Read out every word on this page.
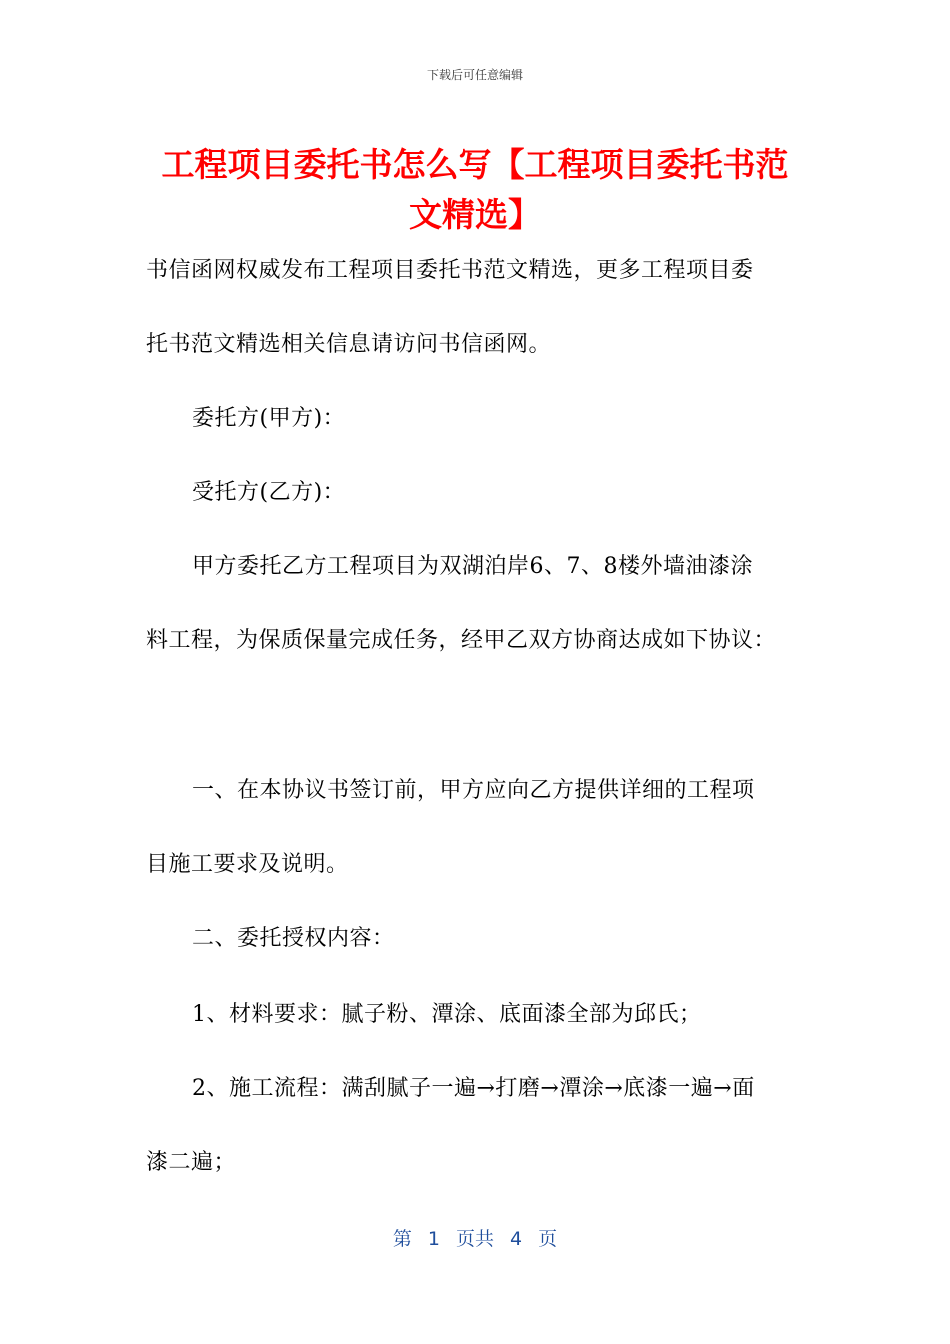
下载后可任意编辑
工程项目委托书怎么写【工程项目委托书范
文精选】

书信函网权威发布工程项目委托书范文精选，更多工程项目委

托书范文精选相关信息请访问书信函网。

委托方(甲方)：

受托方(乙方)：

甲方委托乙方工程项目为双湖泊岸6、7、8楼外墙油漆涂

料工程，为保质保量完成任务，经甲乙双方协商达成如下协议：

一、在本协议书签订前，甲方应向乙方提供详细的工程项

目施工要求及说明。

二、委托授权内容：

1、材料要求：腻子粉、潭涂、底面漆全部为邱氏；

2、施工流程：满刮腻子一遍→打磨→潭涂→底漆一遍→面

漆二遍；

第 1 页共 4 页
